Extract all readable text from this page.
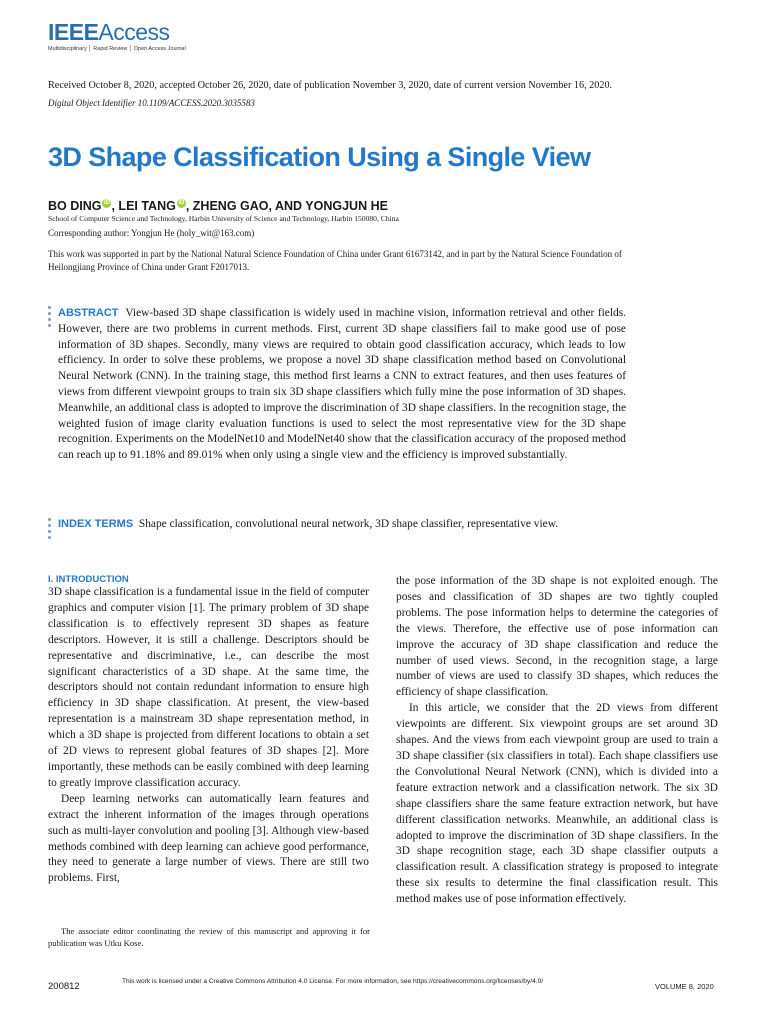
IEEEAccess
Multidisciplinary │ Rapid Review │ Open Access Journal
Received October 8, 2020, accepted October 26, 2020, date of publication November 3, 2020, date of current version November 16, 2020.
Digital Object Identifier 10.1109/ACCESS.2020.3035583
3D Shape Classification Using a Single View
BO DING iD , LEI TANG iD , ZHENG GAO, AND YONGJUN HE
School of Computer Science and Technology, Harbin University of Science and Technology, Harbin 150080, China
Corresponding author: Yongjun He (holy_wit@163.com)
This work was supported in part by the National Natural Science Foundation of China under Grant 61673142, and in part by the Natural Science Foundation of Heilongjiang Province of China under Grant F2017013.
ABSTRACT View-based 3D shape classification is widely used in machine vision, information retrieval and other fields. However, there are two problems in current methods. First, current 3D shape classifiers fail to make good use of pose information of 3D shapes. Secondly, many views are required to obtain good classification accuracy, which leads to low efficiency. In order to solve these problems, we propose a novel 3D shape classification method based on Convolutional Neural Network (CNN). In the training stage, this method first learns a CNN to extract features, and then uses features of views from different viewpoint groups to train six 3D shape classifiers which fully mine the pose information of 3D shapes. Meanwhile, an additional class is adopted to improve the discrimination of 3D shape classifiers. In the recognition stage, the weighted fusion of image clarity evaluation functions is used to select the most representative view for the 3D shape recognition. Experiments on the ModelNet10 and ModelNet40 show that the classification accuracy of the proposed method can reach up to 91.18% and 89.01% when only using a single view and the efficiency is improved substantially.
INDEX TERMS Shape classification, convolutional neural network, 3D shape classifier, representative view.
I. INTRODUCTION

3D shape classification is a fundamental issue in the field of computer graphics and computer vision [1]. The primary problem of 3D shape classification is to effectively represent 3D shapes as feature descriptors. However, it is still a challenge. Descriptors should be representative and discriminative, i.e., can describe the most significant characteristics of a 3D shape. At the same time, the descriptors should not contain redundant information to ensure high efficiency in 3D shape classification. At present, the view-based representation is a mainstream 3D shape representation method, in which a 3D shape is projected from different locations to obtain a set of 2D views to represent global features of 3D shapes [2]. More importantly, these methods can be easily combined with deep learning to greatly improve classification accuracy.

Deep learning networks can automatically learn features and extract the inherent information of the images through operations such as multi-layer convolution and pooling [3]. Although view-based methods combined with deep learning can achieve good performance, they need to generate a large number of views. There are still two problems. First,

The associate editor coordinating the review of this manuscript and approving it for publication was Utku Kose.

the pose information of the 3D shape is not exploited enough. The poses and classification of 3D shapes are two tightly coupled problems. The pose information helps to determine the categories of the views. Therefore, the effective use of pose information can improve the accuracy of 3D shape classification and reduce the number of used views. Second, in the recognition stage, a large number of views are used to classify 3D shapes, which reduces the efficiency of shape classification.

In this article, we consider that the 2D views from different viewpoints are different. Six viewpoint groups are set around 3D shapes. And the views from each viewpoint group are used to train a 3D shape classifier (six classifiers in total). Each shape classifiers use the Convolutional Neural Network (CNN), which is divided into a feature extraction network and a classification network. The six 3D shape classifiers share the same feature extraction network, but have different classification networks. Meanwhile, an additional class is adopted to improve the discrimination of 3D shape classifiers. In the 3D shape recognition stage, each 3D shape classifier outputs a classification result. A classification strategy is proposed to integrate these six results to determine the final classification result. This method makes use of pose information effectively.

200812	This work is licensed under a Creative Commons Attribution 4.0 License. For more information, see https://creativecommons.org/licenses/by/4.0/
VOLUME 8, 2020
